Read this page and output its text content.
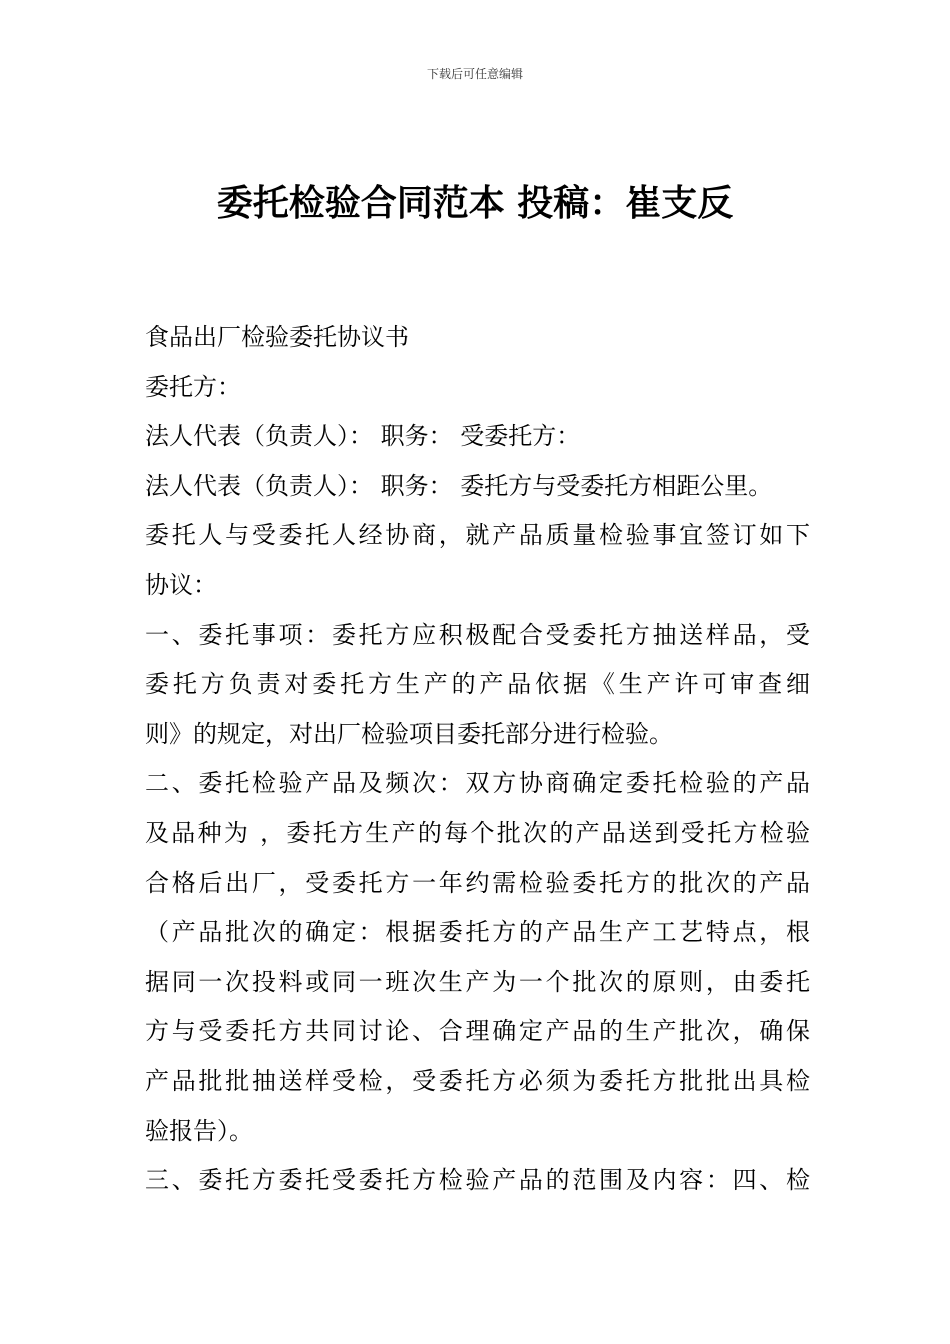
下载后可任意编辑
委托检验合同范本 投稿：崔支反
食品出厂检验委托协议书
委托方：
法人代表（负责人）： 职务： 受委托方：
法人代表（负责人）： 职务： 委托方与受委托方相距公里。
委托人与受委托人经协商，就产品质量检验事宜签订如下
协议：
一、委托事项：委托方应积极配合受委托方抽送样品，受
委托方负责对委托方生产的产品依据《生产许可审查细
则》的规定，对出厂检验项目委托部分进行检验。
二、委托检验产品及频次：双方协商确定委托检验的产品
及品种为 ，委托方生产的每个批次的产品送到受托方检验
合格后出厂，受委托方一年约需检验委托方的批次的产品
（产品批次的确定：根据委托方的产品生产工艺特点，根
据同一次投料或同一班次生产为一个批次的原则，由委托
方与受委托方共同讨论、合理确定产品的生产批次，确保
产品批批抽送样受检，受委托方必须为委托方批批出具检
验报告）。
三、委托方委托受委托方检验产品的范围及内容：四、检
